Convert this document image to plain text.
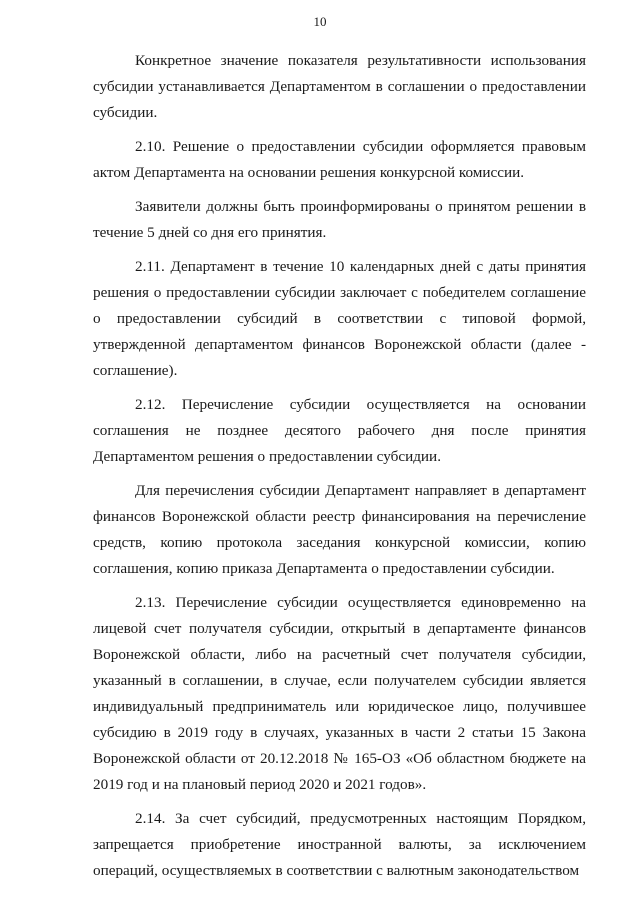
10

Конкретное значение показателя результативности использования субсидии устанавливается Департаментом в соглашении о предоставлении субсидии.

2.10. Решение о предоставлении субсидии оформляется правовым актом Департамента на основании решения конкурсной комиссии.

Заявители должны быть проинформированы о принятом решении в течение 5 дней со дня его принятия.

2.11. Департамент в течение 10 календарных дней с даты принятия решения о предоставлении субсидии заключает с победителем соглашение о предоставлении субсидий в соответствии с типовой формой, утвержденной департаментом финансов Воронежской области (далее - соглашение).

2.12. Перечисление субсидии осуществляется на основании соглашения не позднее десятого рабочего дня после принятия Департаментом решения о предоставлении субсидии.

Для перечисления субсидии Департамент направляет в департамент финансов Воронежской области реестр финансирования на перечисление средств, копию протокола заседания конкурсной комиссии, копию соглашения, копию приказа Департамента о предоставлении субсидии.

2.13. Перечисление субсидии осуществляется единовременно на лицевой счет получателя субсидии, открытый в департаменте финансов Воронежской области, либо на расчетный счет получателя субсидии, указанный в соглашении, в случае, если получателем субсидии является индивидуальный предприниматель или юридическое лицо, получившее субсидию в 2019 году в случаях, указанных в части 2 статьи 15 Закона Воронежской области от 20.12.2018 № 165-ОЗ «Об областном бюджете на 2019 год и на плановый период 2020 и 2021 годов».

2.14. За счет субсидий, предусмотренных настоящим Порядком, запрещается приобретение иностранной валюты, за исключением операций, осуществляемых в соответствии с валютным законодательством
